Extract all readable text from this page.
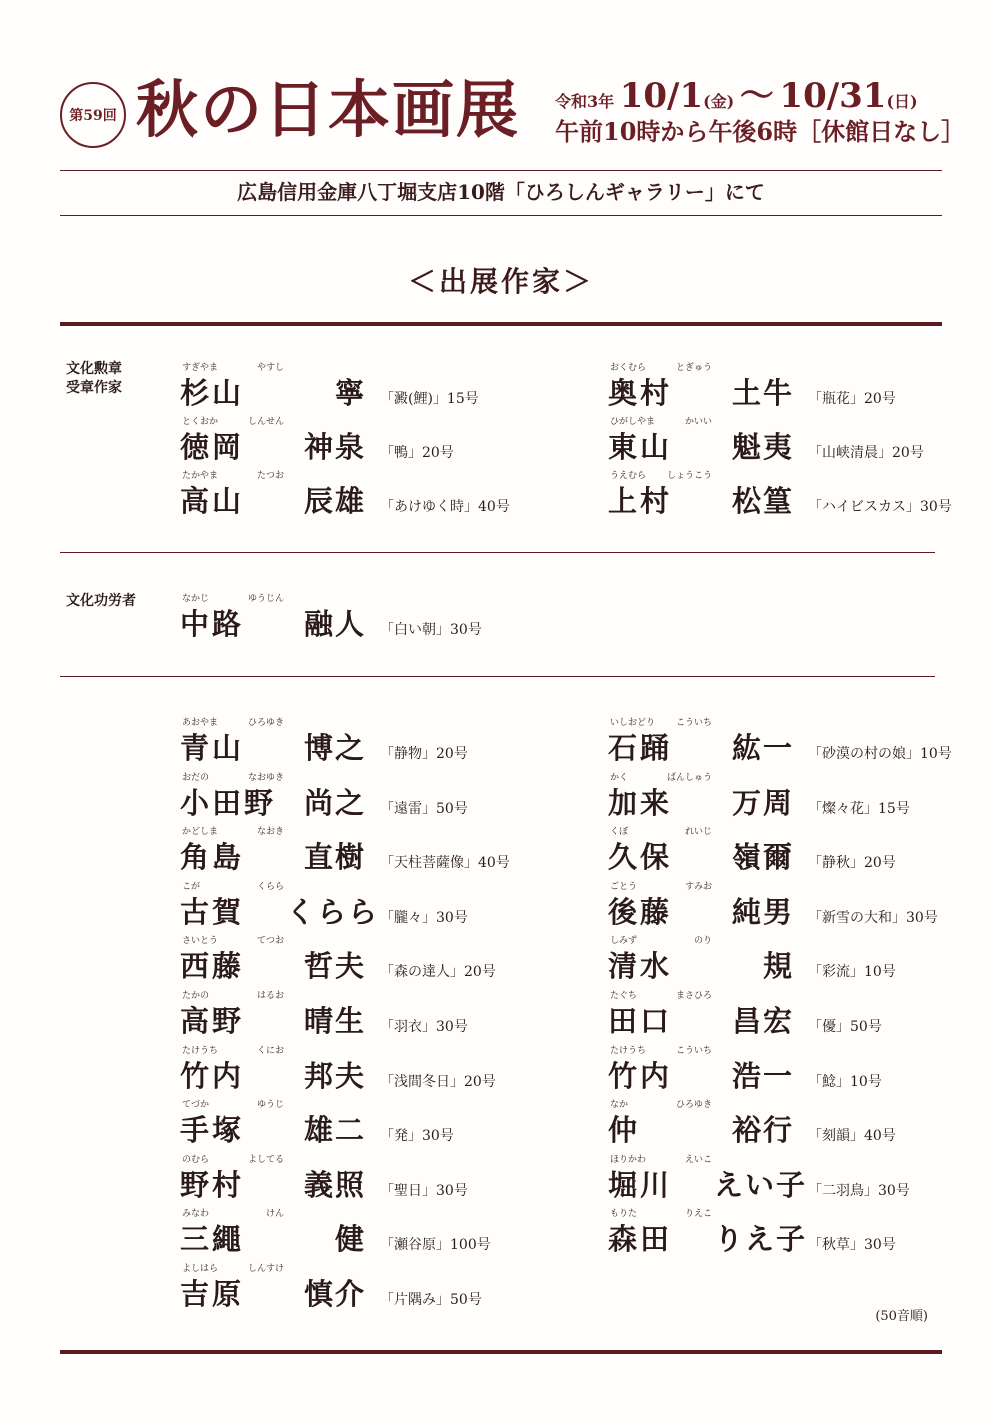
第59回 秋の日本画展 令和3年 10/1(金) 〜 10/31(日)
午前10時から午後6時［休館日なし］
広島信用金庫八丁堀支店10階「ひろしんギャラリー」にて
＜出展作家＞
文化勲章
受章作家
すぎやま	やすし
杉山	寧 「澱(鯉)」15号
とくおか	しんせん
徳岡	神泉 「鴨」20号
たかやま	たつお
高山	辰雄 「あけゆく時」40号
おくむら	とぎゅう
奥村	土牛 「瓶花」20号
ひがしやま	かいい
東山	魁夷 「山峡清晨」20号
うえむら しょうこう
上村	松篁 「ハイビスカス」30号
文化功労者	なかじ	ゆうじん
中路	融人 「白い朝」30号
あおやま	ひろゆき
青山	博之 「静物」20号
おだの	なおゆき
小田野 尚之 「遠雷」50号
かどしま	なおき
角島	直樹 「天柱菩薩像」40号
こが	くらら
古賀	くらら 「朧々」30号
さいとう	てつお
西藤	哲夫 「森の達人」20号
たかの	はるお
高野	晴生 「羽衣」30号
たけうち	くにお
竹内	邦夫 「浅間冬日」20号
てづか	ゆうじ
手塚	雄二 「発」30号
のむら	よしてる
野村	義照 「聖日」30号
みなわ	けん
三繩	健 「瀬谷原」100号
よしはら	しんすけ
吉原	慎介 「片隅み」50号
いしおどり こういち
石踊	紘一 「砂漠の村の娘」10号
かく	ばんしゅう
加来	万周 「燦々花」15号
くぼ	れいじ
久保	嶺爾 「静秋」20号
ごとう	すみお
後藤	純男 「新雪の大和」30号
しみず	のり
清水	規 「彩流」10号
たぐち	まさひろ
田口	昌宏 「優」50号
たけうち	こういち
竹内	浩一 「鯰」10号
なか	ひろゆき
仲	裕行 「刻韻」40号
ほりかわ	えいこ
堀川	えい子 「二羽鳥」30号
もりた	りえこ
森田	りえ子 「秋草」30号
(50音順)
